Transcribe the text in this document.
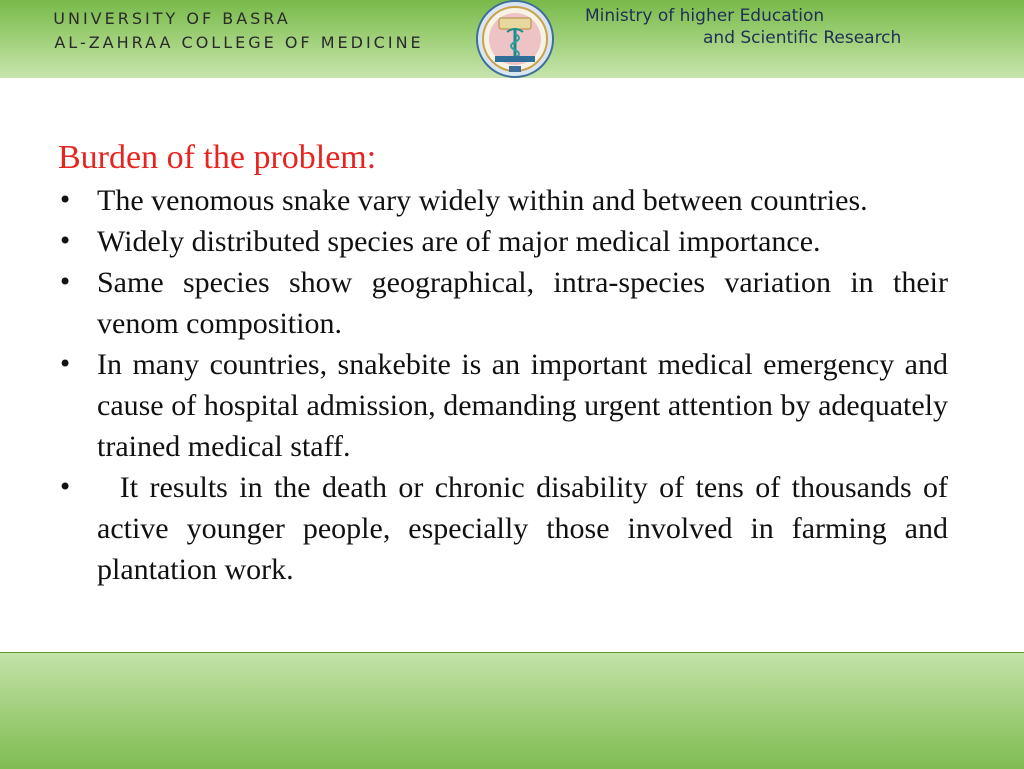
UNIVERSITY OF BASRA
AL-ZAHRAA COLLEGE OF MEDICINE
Ministry of higher Education
and Scientific Research
Burden of the problem:
• The venomous snake vary widely within and between countries.
• Widely distributed species are of major medical importance.
• Same species show geographical, intra-species variation in their venom composition.
• In many countries, snakebite is an important medical emergency and cause of hospital admission, demanding urgent attention by adequately trained medical staff.
• It results in the death or chronic disability of tens of thousands of active younger people, especially those involved in farming and plantation work.
